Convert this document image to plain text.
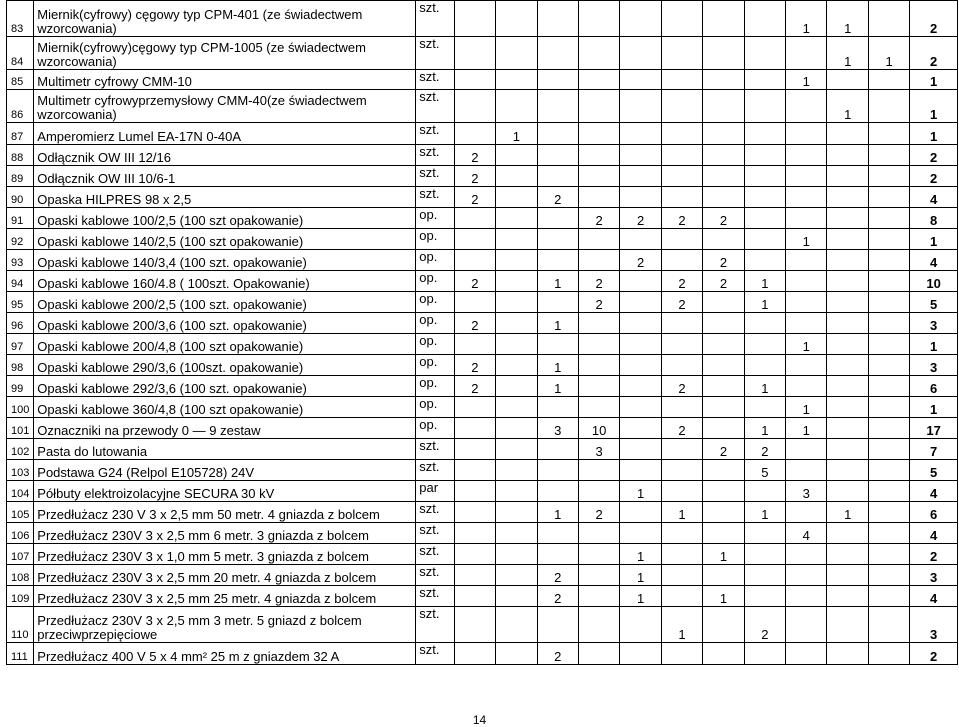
83	Miernik(cyfrowy) cęgowy typ CPM-401 (ze świadectwem wzorcowania)	szt.									1	1		2
84	Miernik(cyfrowy)cęgowy typ CPM-1005 (ze świadectwem wzorcowania)	szt.										1	1	2
85	Multimetr cyfrowy CMM-10	szt.									1			1
86	Multimetr cyfrowyprzemysłowy CMM-40(ze świadectwem wzorcowania)	szt.										1		1
87	Amperomierz Lumel EA-17N 0-40A	szt.		1										1
88	Odłącznik OW III 12/16	szt.	2											2
89	Odłącznik OW III 10/6-1	szt.	2											2
90	Opaska HILPRES 98 x 2,5	szt.	2		2									4
91	Opaski kablowe 100/2,5 (100 szt opakowanie)	op.				2	2	2	2					8
92	Opaski kablowe 140/2,5 (100 szt opakowanie)	op.									1			1
93	Opaski kablowe 140/3,4 (100 szt. opakowanie)	op.					2		2					4
94	Opaski kablowe 160/4.8 ( 100szt. Opakowanie)	op.	2		1	2		2	2	1				10
95	Opaski kablowe 200/2,5 (100 szt. opakowanie)	op.				2		2		1				5
96	Opaski kablowe 200/3,6 (100 szt. opakowanie)	op.	2		1									3
97	Opaski kablowe 200/4,8 (100 szt opakowanie)	op.									1			1
98	Opaski kablowe 290/3,6 (100szt. opakowanie)	op.	2		1									3
99	Opaski kablowe 292/3,6 (100 szt. opakowanie)	op.	2		1			2		1				6
100	Opaski kablowe 360/4,8 (100 szt opakowanie)	op.									1			1
101	Oznaczniki na przewody 0 — 9 zestaw	op.			3	10		2		1	1			17
102	Pasta do lutowania	szt.				3			2	2				7
103	Podstawa G24 (Relpol E105728) 24V	szt.								5				5
104	Półbuty elektroizolacyjne SECURA 30 kV	par					1				3			4
105	Przedłużacz 230 V 3 x 2,5 mm 50 metr. 4 gniazda z bolcem	szt.			1	2		1		1		1		6
106	Przedłużacz 230V 3 x 2,5 mm 6 metr. 3 gniazda z bolcem	szt.									4			4
107	Przedłużacz 230V 3 x 1,0 mm 5 metr. 3 gniazda z bolcem	szt.					1		1					2
108	Przedłużacz 230V 3 x 2,5 mm 20 metr. 4 gniazda z bolcem	szt.			2		1							3
109	Przedłużacz 230V 3 x 2,5 mm 25 metr. 4 gniazda z bolcem	szt.			2		1		1					4
110	Przedłużacz 230V 3 x 2,5 mm 3 metr. 5 gniazd z bolcem przeciwprzepięciowe	szt.						1		2				3
111	Przedłużacz 400 V 5 x 4 mm² 25 m z gniazdem 32 A	szt.			2									2
14
